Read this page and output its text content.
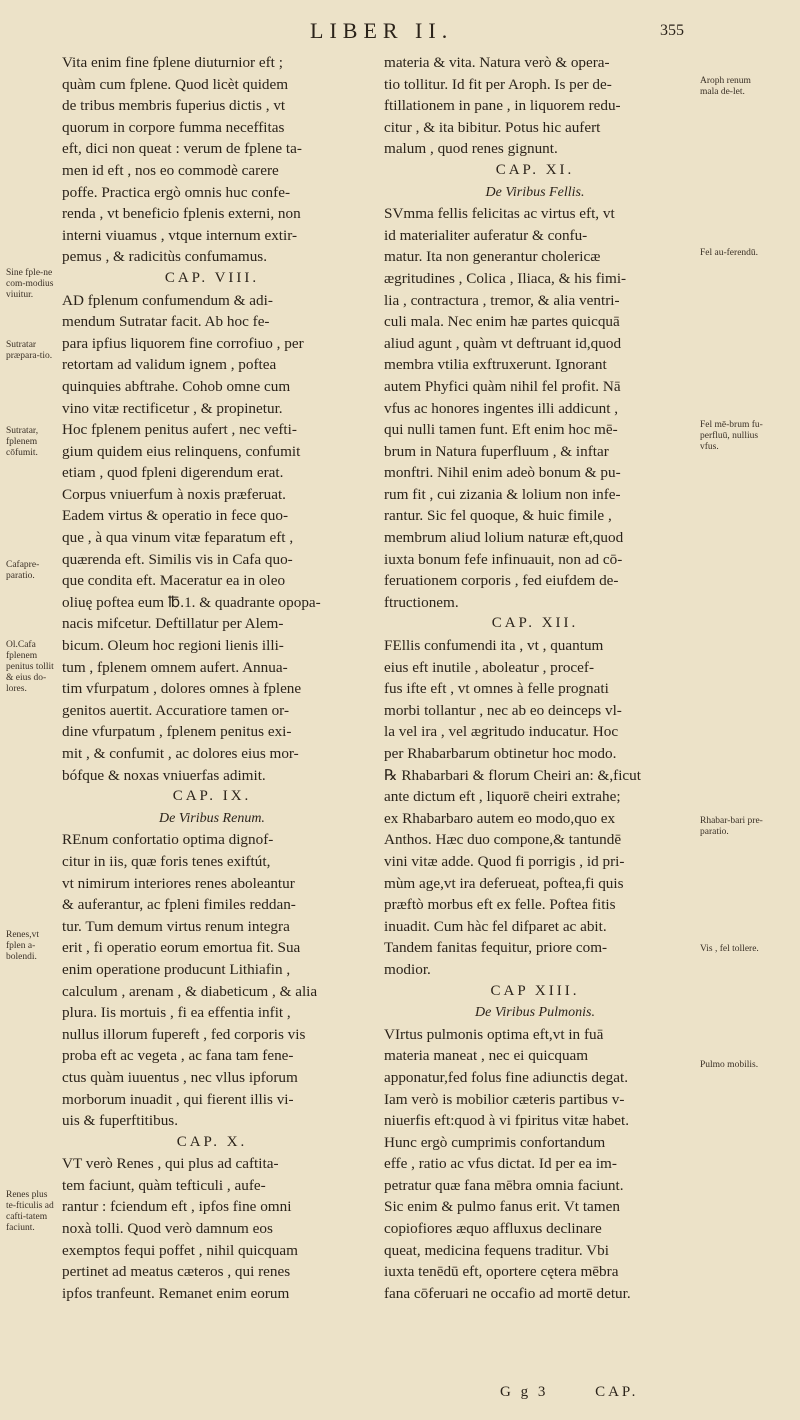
LIBER II.	355
Vita enim fine fplene diuturnior eft ;
quàm cum fplene. Quod licèt quidem
de tribus membris fuperius dictis , vt
quorum in corpore fumma neceffitas
eft, dici non queat : verum de fplene ta-
men id eft , nos eo commodè carere
poffe. Practica ergò omnis huc confe-
renda , vt beneficio fplenis externi, non
interni viuamus , vtque internum extir-
pemus , & radicitùs confumamus.
CAP. VIII.
AD fplenum confumendum & adi-
mendum Sutratar facit. Ab hoc fe-
para ipfius liquorem fine corrofiuo , per
retortam ad validum ignem , poftea
quinquies abftrahe. Cohob omne cum
vino vitæ rectificetur , & propinetur.
Hoc fplenem penitus aufert , nec vefti-
gium quidem eius relinquens, confumit
etiam , quod fpleni digerendum erat.
Corpus vniuerfum à noxis præferuat.
Eadem virtus & operatio in fece quo-
que , à qua vinum vitæ feparatum eft ,
quærenda eft. Similis vis in Cafa quo-
que condita eft. Maceratur ea in oleo
oliuę poftea eum ℔.1. & quadrante opopa-
nacis mifcetur. Deftillatur per Alem-
bicum. Oleum hoc regioni lienis illi-
tum , fplenem omnem aufert. Annua-
tim vfurpatum , dolores omnes à fplene
genitos auertit. Accuratiore tamen or-
dine vfurpatum , fplenem penitus exi-
mit , & confumit , ac dolores eius mor-
bófque & noxas vniuerfas adimit.
CAP. IX.
De Viribus Renum.
REnum confortatio optima dignof-
citur in iis, quæ foris tenes exiftút,
vt nimirum interiores renes aboleantur
& auferantur, ac fpleni fimiles reddan-
tur. Tum demum virtus renum integra
erit , fi operatio eorum emortua fit. Sua
enim operatione producunt Lithiafin ,
calculum , arenam , & diabeticum , & alia
plura. Iis mortuis , fi ea effentia infit ,
nullus illorum fupereft , fed corporis vis
proba eft ac vegeta , ac fana tam fene-
ctus quàm iuuentus , nec vllus ipforum
morborum inuadit , qui fierent illis vi-
uis & fuperftitibus.
CAP. X.
VT verò Renes , qui plus ad caftita-
tem faciunt, quàm tefticuli , aufe-
rantur : fciendum eft , ipfos fine omni
noxà tolli. Quod verò damnum eos
exemptos fequi poffet , nihil quicquam
pertinet ad meatus cæteros , qui renes
ipfos tranfeunt. Remanet enim eorum
materia & vita. Natura verò & opera-
tio tollitur. Id fit per Aroph. Is per de-
ftillationem in pane , in liquorem redu-
citur , & ita bibitur. Potus hic aufert
malum , quod renes gignunt.
CAP. XI.
De Viribus Fellis.
SVmma fellis felicitas ac virtus eft, vt
id materialiter auferatur & confu-
matur. Ita non generantur cholericæ
ægritudines , Colica , Iliaca, & his fimi-
lia , contractura , tremor, & alia ventri-
culi mala. Nec enim hæ partes quicquā
aliud agunt , quàm vt deftruant id,quod
membra vtilia exftruxerunt. Ignorant
autem Phyfici quàm nihil fel profit. Nā
vfus ac honores ingentes illi addicunt ,
qui nulli tamen funt. Eft enim hoc mē-
brum in Natura fuperfluum , & inftar
monftri. Nihil enim adeò bonum & pu-
rum fit , cui zizania & lolium non infe-
rantur. Sic fel quoque, & huic fimile ,
membrum aliud lolium naturæ eft,quod
iuxta bonum fefe infinuauit, non ad cō-
feruationem corporis , fed eiufdem de-
ftructionem.
CAP. XII.
FEllis confumendi ita , vt , quantum
eius eft inutile , aboleatur , procef-
fus ifte eft , vt omnes à felle prognati
morbi tollantur , nec ab eo deinceps vl-
la vel ira , vel ægritudo inducatur. Hoc
per Rhabarbarum obtinetur hoc modo.
℞ Rhabarbari & florum Cheiri an: &,ficut
ante dictum eft , liquorē cheiri extrahe;
ex Rhabarbaro autem eo modo,quo ex
Anthos. Hæc duo compone,& tantundē
vini vitæ adde. Quod fi porrigis , id pri-
mùm age,vt ira deferueat, poftea,fi quis
præftò morbus eft ex felle. Poftea fitis
inuadit. Cum hàc fel difparet ac abit.
Tandem fanitas fequitur, priore com-
modior.
CAP XIII.
De Viribus Pulmonis.
VIrtus pulmonis optima eft,vt in fuā
materia maneat , nec ei quicquam
apponatur,fed folus fine adiunctis degat.
Iam verò is mobilior cæteris partibus v-
niuerfis eft:quod à vi fpiritus vitæ habet.
Hunc ergò cumprimis confortandum
effe , ratio ac vfus dictat. Id per ea im-
petratur quæ fana mēbra omnia faciunt.
Sic enim & pulmo fanus erit. Vt tamen
copiofiores æquo affluxus declinare
queat, medicina fequens traditur. Vbi
iuxta tenēdū eft, oportere cętera mēbra
fana cōferuari ne occafio ad mortē detur.
Sine fple-ne com-modius viuitur.
Sutratar præpara-tio.
Sutratar, fplenem cōfumit.
Cafapre-paratio.
Ol.Cafa fplenem penitus tollit & eius do-lores.
Renes,vt fplen a-bolendi.
Renes plus te-fticulis ad cafti-tatem faciunt.
Aroph renum mala de-let.
Fel au-ferendū.
Fel mē-brum fu-perfluū, nullius vfus.
Rhabar-bari pre-paratio.
Vis , fel tollere.
Pulmo mobilis.
G g 3	CAP.
